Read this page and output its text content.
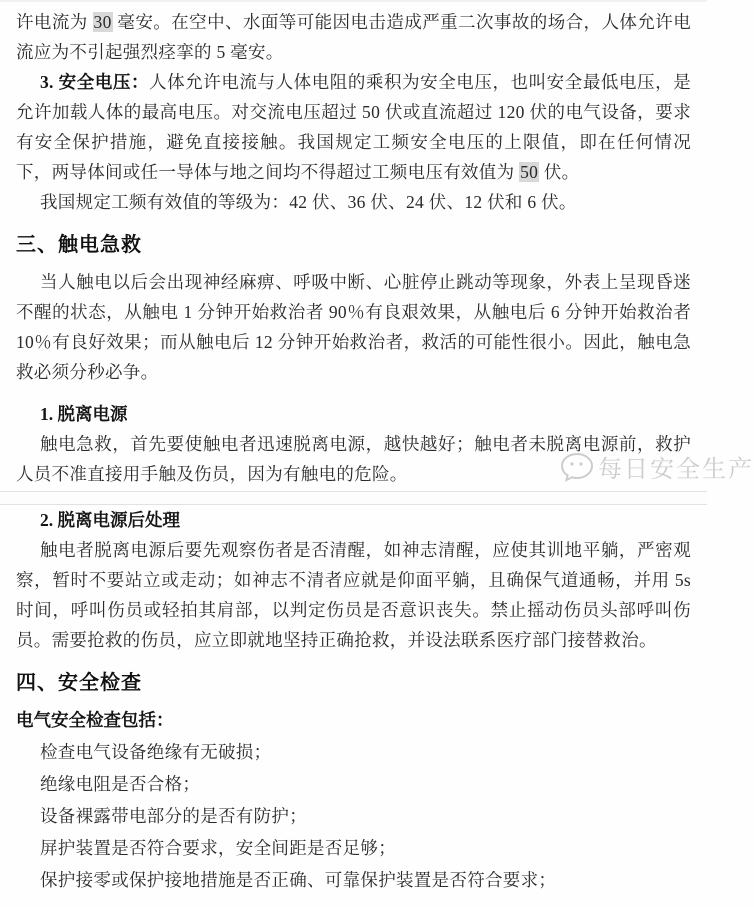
许电流为 30 毫安。在空中、水面等可能因电击造成严重二次事故的场合，人体允许电流应为不引起强烈痉挛的 5 毫安。

3. 安全电压：人体允许电流与人体电阻的乘积为安全电压，也叫安全最低电压，是允许加载人体的最高电压。对交流电压超过 50 伏或直流超过 120 伏的电气设备，要求有安全保护措施，避免直接接触。我国规定工频安全电压的上限值，即在任何情况下，两导体间或任一导体与地之间均不得超过工频电压有效值为 50 伏。

我国规定工频有效值的等级为：42 伏、36 伏、24 伏、12 伏和 6 伏。

三、触电急救

当人触电以后会出现神经麻痹、呼吸中断、心脏停止跳动等现象，外表上呈现昏迷不醒的状态，从触电 1 分钟开始救治者 90％有良艰效果，从触电后 6 分钟开始救治者 10％有良好效果；而从触电后 12 分钟开始救治者，救活的可能性很小。因此，触电急救必须分秒必争。

1. 脱离电源

触电急救，首先要使触电者迅速脱离电源，越快越好；触电者未脱离电源前，救护人员不准直接用手触及伤员，因为有触电的危险。

2. 脱离电源后处理

触电者脱离电源后要先观察伤者是否清醒，如神志清醒，应使其训地平躺，严密观察，暂时不要站立或走动；如神志不清者应就是仰面平躺，且确保气道通畅，并用 5s 时间，呼叫伤员或轻拍其肩部，以判定伤员是否意识丧失。禁止摇动伤员头部呼叫伤员。需要抢救的伤员，应立即就地坚持正确抢救，并设法联系医疗部门接替救治。

四、安全检查
电气安全检查包括：
检查电气设备绝缘有无破损；
绝缘电阻是否合格；
设备裸露带电部分的是否有防护；
屏护装置是否符合要求，安全间距是否足够；
保护接零或保护接地措施是否正确、可靠保护装置是否符合要求；
每日安全生产
